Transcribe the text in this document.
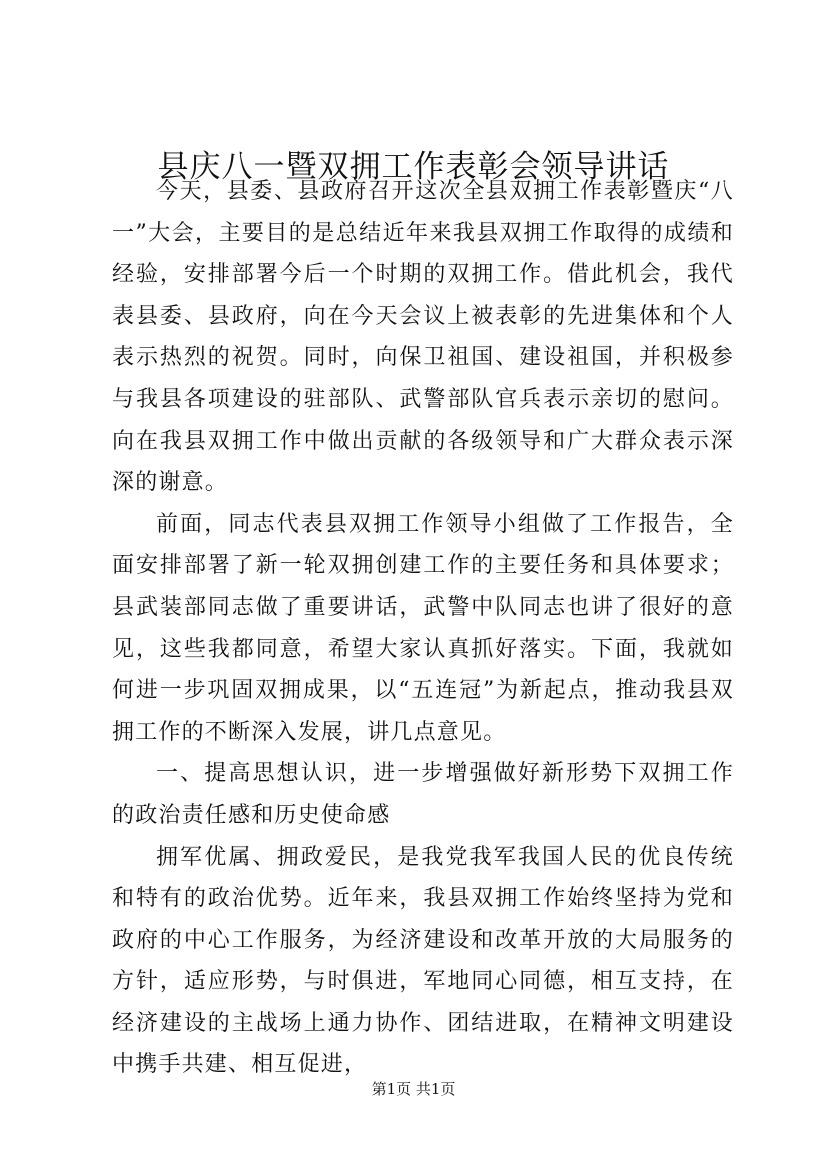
县庆八一暨双拥工作表彰会领导讲话

今天，县委、县政府召开这次全县双拥工作表彰暨庆“八一”大会，主要目的是总结近年来我县双拥工作取得的成绩和经验，安排部署今后一个时期的双拥工作。借此机会，我代表县委、县政府，向在今天会议上被表彰的先进集体和个人表示热烈的祝贺。同时，向保卫祖国、建设祖国，并积极参与我县各项建设的驻部队、武警部队官兵表示亲切的慰问。向在我县双拥工作中做出贡献的各级领导和广大群众表示深深的谢意。

前面，同志代表县双拥工作领导小组做了工作报告，全面安排部署了新一轮双拥创建工作的主要任务和具体要求；县武装部同志做了重要讲话，武警中队同志也讲了很好的意见，这些我都同意，希望大家认真抓好落实。下面，我就如何进一步巩固双拥成果，以“五连冠”为新起点，推动我县双拥工作的不断深入发展，讲几点意见。

一、提高思想认识，进一步增强做好新形势下双拥工作的政治责任感和历史使命感

拥军优属、拥政爱民，是我党我军我国人民的优良传统和特有的政治优势。近年来，我县双拥工作始终坚持为党和政府的中心工作服务，为经济建设和改革开放的大局服务的方针，适应形势，与时俱进，军地同心同德，相互支持，在经济建设的主战场上通力协作、团结进取，在精神文明建设中携手共建、相互促进，

第1页 共1页
